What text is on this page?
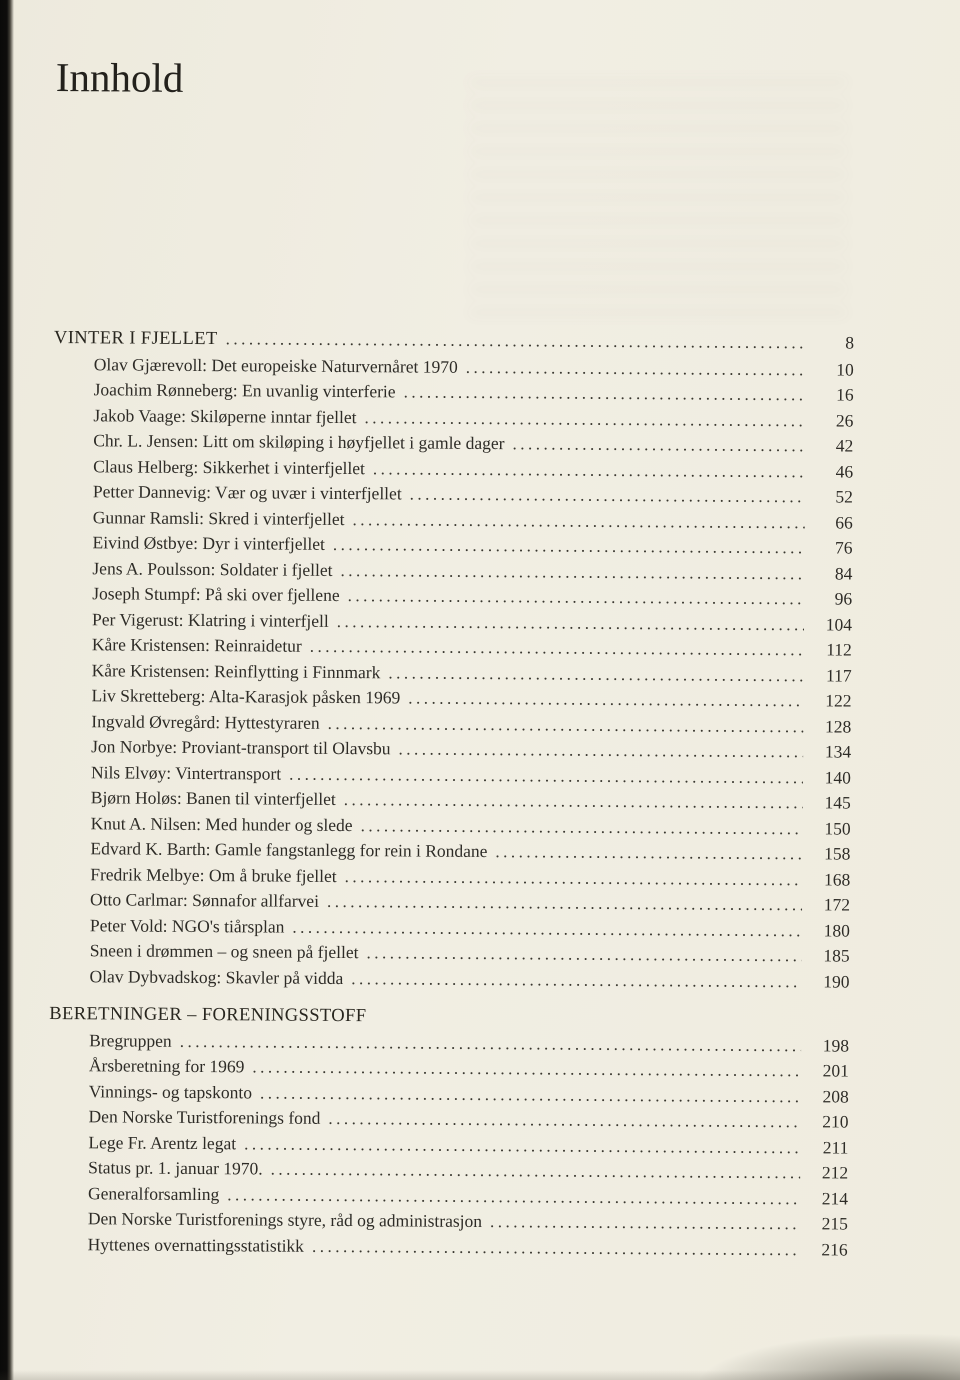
Innhold
VINTER I FJELLET .....	8
Olav Gjærevoll: Det europeiske Naturvernåret 1970 .....	10
Joachim Rønneberg: En uvanlig vinterferie .....	16
Jakob Vaage: Skiløperne inntar fjellet .....	26
Chr. L. Jensen: Litt om skiløping i høyfjellet i gamle dager .....	42
Claus Helberg: Sikkerhet i vinterfjellet .....	46
Petter Dannevig: Vær og uvær i vinterfjellet .....	52
Gunnar Ramsli: Skred i vinterfjellet .....	66
Eivind Østbye: Dyr i vinterfjellet .....	76
Jens A. Poulsson: Soldater i fjellet .....	84
Joseph Stumpf: På ski over fjellene .....	96
Per Vigerust: Klatring i vinterfjell .....	104
Kåre Kristensen: Reinraidetur .....	112
Kåre Kristensen: Reinflytting i Finnmark .....	117
Liv Skretteberg: Alta-Karasjok påsken 1969 .....	122
Ingvald Øvregård: Hyttestyraren .....	128
Jon Norbye: Proviant-transport til Olavsbu .....	134
Nils Elvøy: Vintertransport .....	140
Bjørn Holøs: Banen til vinterfjellet .....	145
Knut A. Nilsen: Med hunder og slede .....	150
Edvard K. Barth: Gamle fangstanlegg for rein i Rondane .....	158
Fredrik Melbye: Om å bruke fjellet .....	168
Otto Carlmar: Sønnafor allfarvei .....	172
Peter Vold: NGO's tiårsplan .....	180
Sneen i drømmen – og sneen på fjellet .....	185
Olav Dybvadskog: Skavler på vidda .....	190
BERETNINGER – FORENINGSSTOFF
Bregruppen .....	198
Årsberetning for 1969 .....	201
Vinnings- og tapskonto .....	208
Den Norske Turistforenings fond .....	210
Lege Fr. Arentz legat .....	211
Status pr. 1. januar 1970. .....	212
Generalforsamling .....	214
Den Norske Turistforenings styre, råd og administrasjon .....	215
Hyttenes overnattingsstatistikk .....	216
